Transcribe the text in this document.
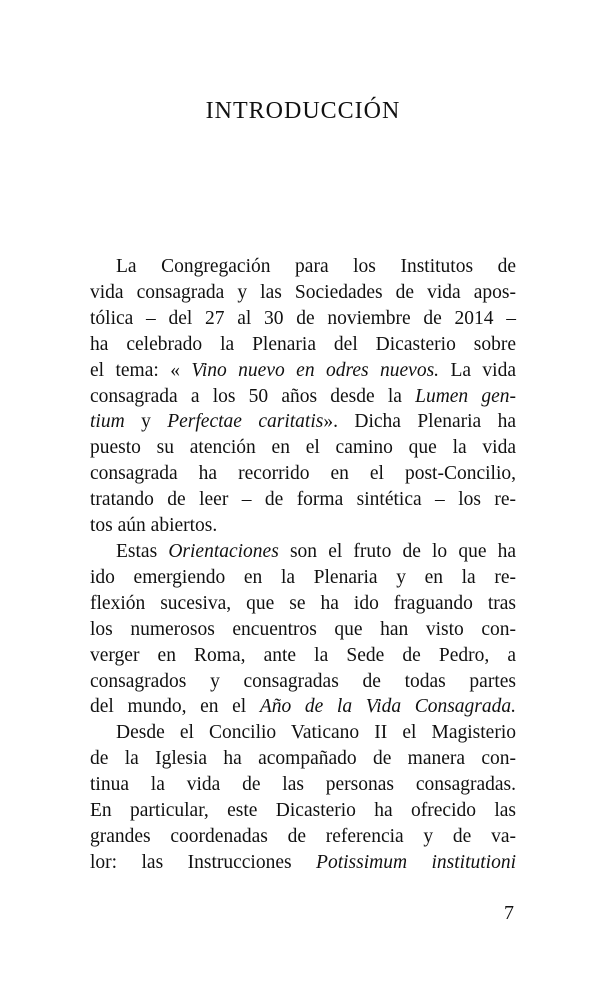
INTRODUCCIÓN
La Congregación para los Institutos de
vida consagrada y las Sociedades de vida apos-
tólica – del 27 al 30 de noviembre de 2014 –
ha celebrado la Plenaria del Dicasterio sobre
el tema: « Vino nuevo en odres nuevos. La vida
consagrada a los 50 años desde la Lumen gen-
tium y Perfectae caritatis». Dicha Plenaria ha
puesto su atención en el camino que la vida
consagrada ha recorrido en el post-Concilio,
tratando de leer – de forma sintética – los re-
tos aún abiertos.
Estas Orientaciones son el fruto de lo que ha
ido emergiendo en la Plenaria y en la re-
flexión sucesiva, que se ha ido fraguando tras
los numerosos encuentros que han visto con-
verger en Roma, ante la Sede de Pedro, a
consagrados y consagradas de todas partes
del mundo, en el Año de la Vida Consagrada.
Desde el Concilio Vaticano II el Magisterio
de la Iglesia ha acompañado de manera con-
tinua la vida de las personas consagradas.
En particular, este Dicasterio ha ofrecido las
grandes coordenadas de referencia y de va-
lor: las Instrucciones Potissimum institutioni

7
